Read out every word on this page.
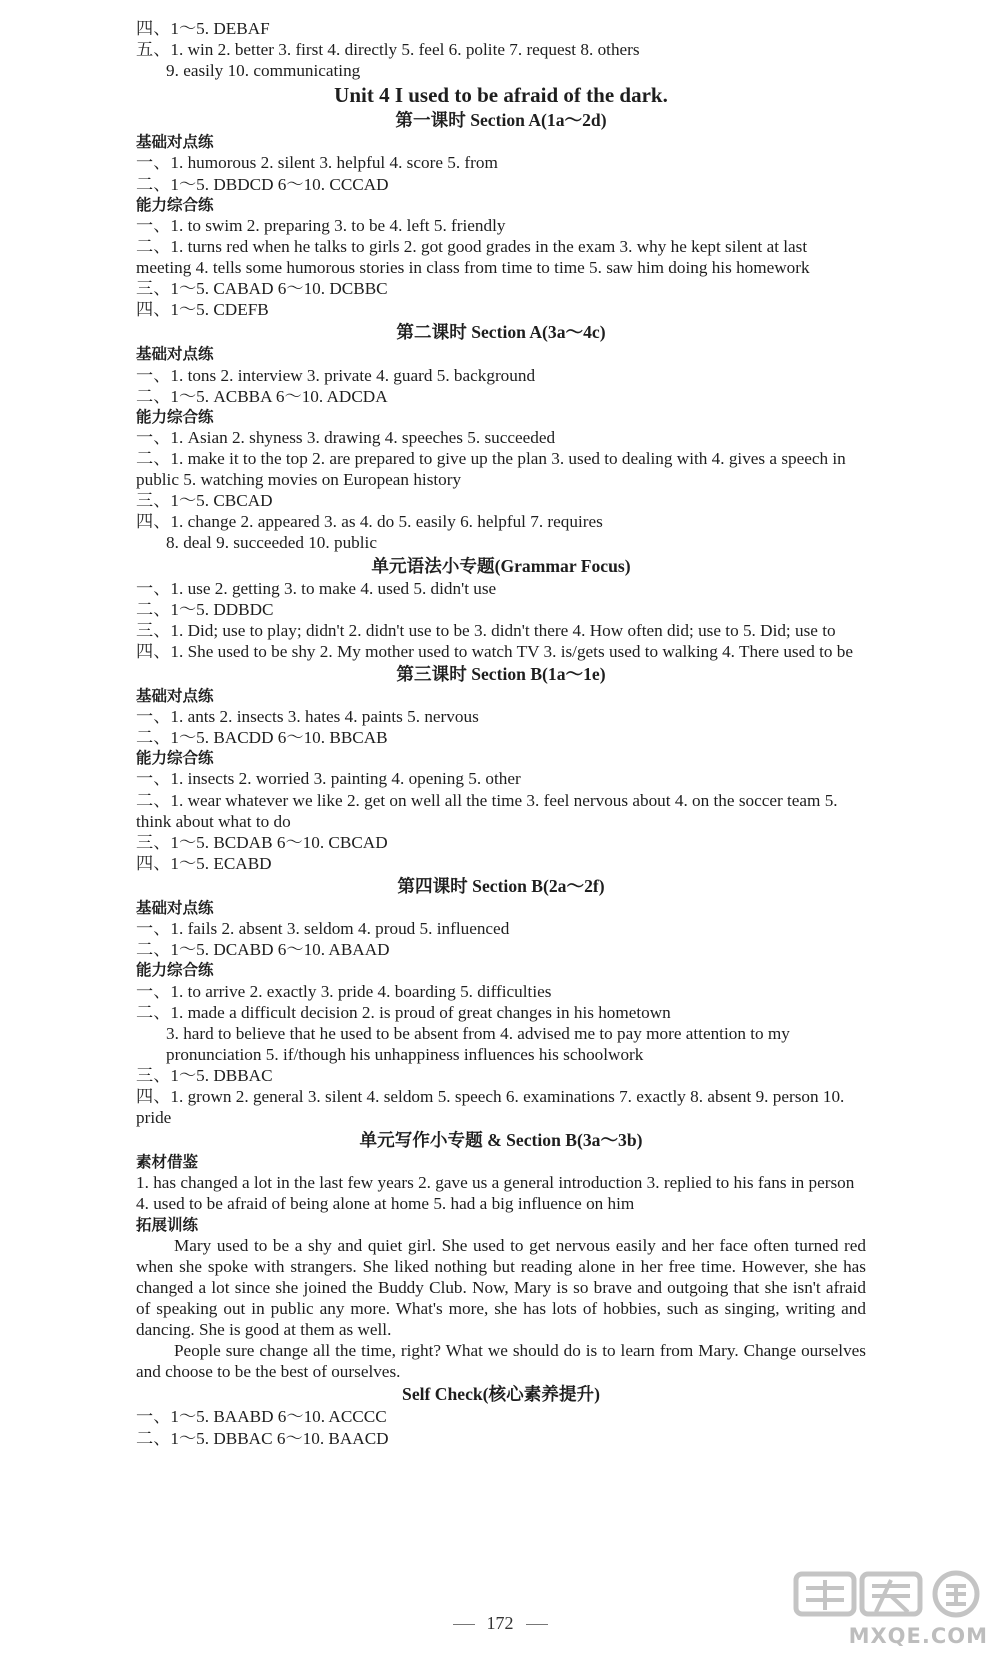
四、1～5. DEBAF
五、1. win 2. better 3. first 4. directly 5. feel 6. polite 7. request 8. others
9. easily 10. communicating
Unit 4 I used to be afraid of the dark.
第一课时 Section A(1a～2d)
基础对点练
一、1. humorous 2. silent 3. helpful 4. score 5. from
二、1～5. DBDCD 6～10. CCCAD
能力综合练
一、1. to swim 2. preparing 3. to be 4. left 5. friendly
二、1. turns red when he talks to girls 2. got good grades in the exam 3. why he kept silent at last meeting 4. tells some humorous stories in class from time to time 5. saw him doing his homework
三、1～5. CABAD 6～10. DCBBC
四、1～5. CDEFB
第二课时 Section A(3a～4c)
基础对点练
一、1. tons 2. interview 3. private 4. guard 5. background
二、1～5. ACBBA 6～10. ADCDA
能力综合练
一、1. Asian 2. shyness 3. drawing 4. speeches 5. succeeded
二、1. make it to the top 2. are prepared to give up the plan 3. used to dealing with 4. gives a speech in public 5. watching movies on European history
三、1～5. CBCAD
四、1. change 2. appeared 3. as 4. do 5. easily 6. helpful 7. requires
8. deal 9. succeeded 10. public
单元语法小专题(Grammar Focus)
一、1. use 2. getting 3. to make 4. used 5. didn't use
二、1～5. DDBDC
三、1. Did; use to play; didn't 2. didn't use to be 3. didn't there 4. How often did; use to 5. Did; use to
四、1. She used to be shy 2. My mother used to watch TV 3. is/gets used to walking 4. There used to be
第三课时 Section B(1a～1e)
基础对点练
一、1. ants 2. insects 3. hates 4. paints 5. nervous
二、1～5. BACDD 6～10. BBCAB
能力综合练
一、1. insects 2. worried 3. painting 4. opening 5. other
二、1. wear whatever we like 2. get on well all the time 3. feel nervous about 4. on the soccer team 5. think about what to do
三、1～5. BCDAB 6～10. CBCAD
四、1～5. ECABD
第四课时 Section B(2a～2f)
基础对点练
一、1. fails 2. absent 3. seldom 4. proud 5. influenced
二、1～5. DCABD 6～10. ABAAD
能力综合练
一、1. to arrive 2. exactly 3. pride 4. boarding 5. difficulties
二、1. made a difficult decision 2. is proud of great changes in his hometown
3. hard to believe that he used to be absent from 4. advised me to pay more attention to my pronunciation 5. if/though his unhappiness influences his schoolwork
三、1～5. DBBAC
四、1. grown 2. general 3. silent 4. seldom 5. speech 6. examinations 7. exactly 8. absent 9. person 10. pride
单元写作小专题 & Section B(3a～3b)
素材借鉴
1. has changed a lot in the last few years 2. gave us a general introduction 3. replied to his fans in person 4. used to be afraid of being alone at home 5. had a big influence on him
拓展训练
Mary used to be a shy and quiet girl. She used to get nervous easily and her face often turned red when she spoke with strangers. She liked nothing but reading alone in her free time. However, she has changed a lot since she joined the Buddy Club. Now, Mary is so brave and outgoing that she isn't afraid of speaking out in public any more. What's more, she has lots of hobbies, such as singing, writing and dancing. She is good at them as well.
People sure change all the time, right? What we should do is to learn from Mary. Change ourselves and choose to be the best of ourselves.
Self Check(核心素养提升)
一、1～5. BAABD 6～10. ACCCC
二、1～5. DBBAC 6～10. BAACD
172
MXQE.COM
